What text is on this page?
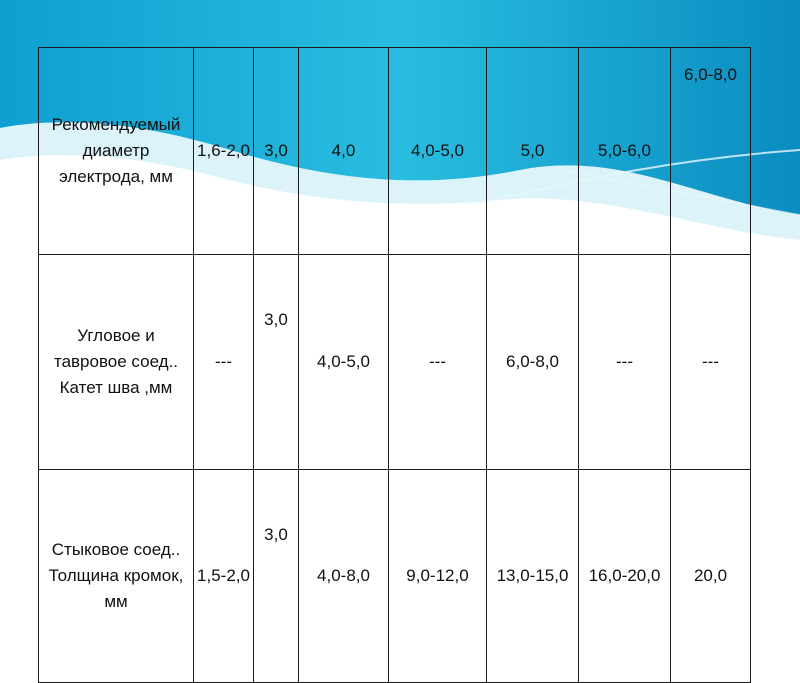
Рекомендуемый диаметр электрода, мм	1,6-2,0	3,0	4,0	4,0-5,0	5,0	5,0-6,0	6,0-8,0
Угловое и тавровое соед.. Катет шва ,мм	---	3,0	4,0-5,0	---	6,0-8,0	---	---
Стыковое соед.. Толщина кромок, мм	1,5-2,0	3,0	4,0-8,0	9,0-12,0	13,0-15,0	16,0-20,0	20,0
